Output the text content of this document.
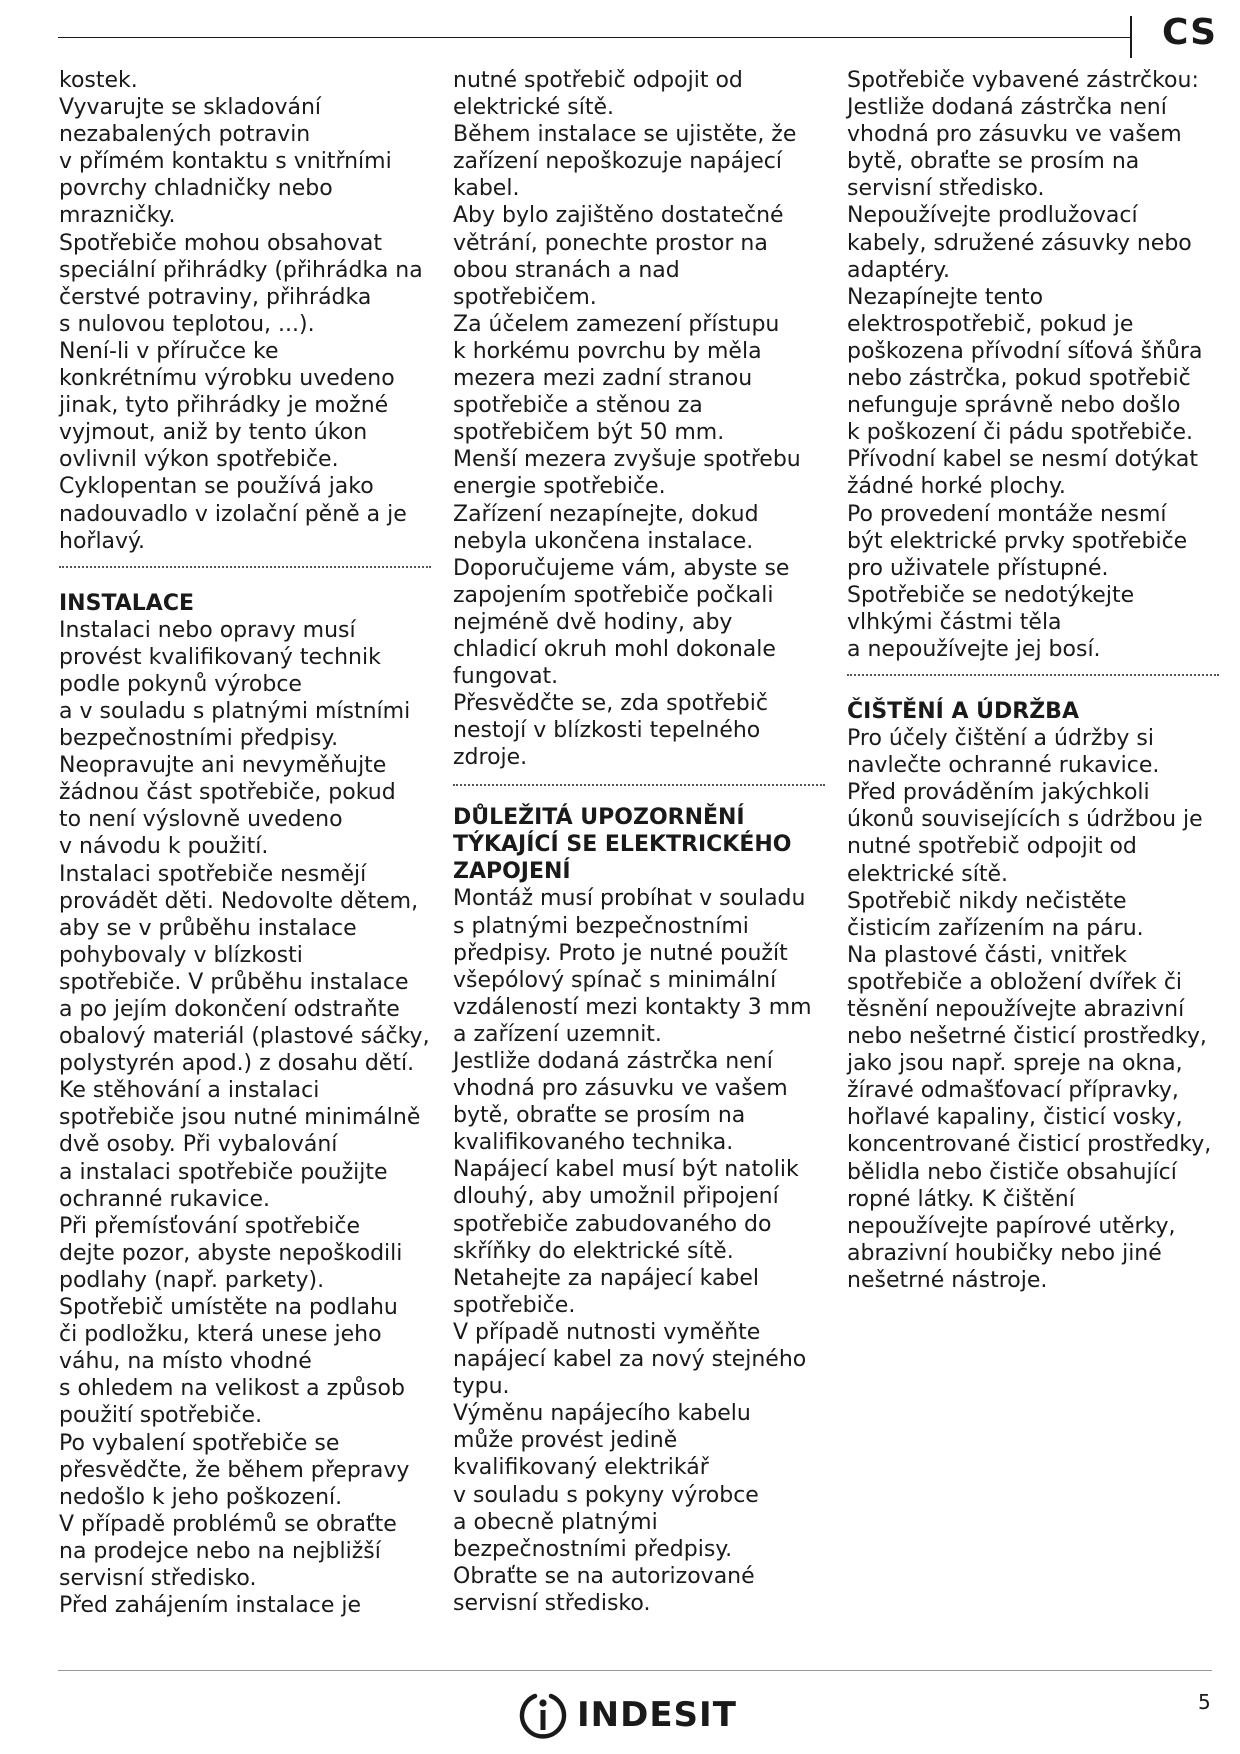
CS

kostek.
Vyvarujte se skladování
nezabalených potravin
v přímém kontaktu s vnitřními
povrchy chladničky nebo
mrazničky.
Spotřebiče mohou obsahovat
speciální přihrádky (přihrádka na
čerstvé potraviny, přihrádka
s nulovou teplotou, ...).
Není-li v příručce ke
konkrétnímu výrobku uvedeno
jinak, tyto přihrádky je možné
vyjmout, aniž by tento úkon
ovlivnil výkon spotřebiče.
Cyklopentan se používá jako
nadouvadlo v izolační pěně a je
hořlavý.

INSTALACE

Instalaci nebo opravy musí
provést kvalifikovaný technik
podle pokynů výrobce
a v souladu s platnými místními
bezpečnostními předpisy.
Neopravujte ani nevyměňujte
žádnou část spotřebiče, pokud
to není výslovně uvedeno
v návodu k použití.
Instalaci spotřebiče nesmějí
provádět děti. Nedovolte dětem,
aby se v průběhu instalace
pohybovaly v blízkosti
spotřebiče. V průběhu instalace
a po jejím dokončení odstraňte
obalový materiál (plastové sáčky,
polystyrén apod.) z dosahu dětí.
Ke stěhování a instalaci
spotřebiče jsou nutné minimálně
dvě osoby. Při vybalování
a instalaci spotřebiče použijte
ochranné rukavice.
Při přemísťování spotřebiče
dejte pozor, abyste nepoškodili
podlahy (např. parkety).
Spotřebič umístěte na podlahu
či podložku, která unese jeho
váhu, na místo vhodné
s ohledem na velikost a způsob
použití spotřebiče.
Po vybalení spotřebiče se
přesvědčte, že během přepravy
nedošlo k jeho poškození.
V případě problémů se obraťte
na prodejce nebo na nejbližší
servisní středisko.
Před zahájením instalace je

nutné spotřebič odpojit od
elektrické sítě.
Během instalace se ujistěte, že
zařízení nepoškozuje napájecí
kabel.
Aby bylo zajištěno dostatečné
větrání, ponechte prostor na
obou stranách a nad
spotřebičem.
Za účelem zamezení přístupu
k horkému povrchu by měla
mezera mezi zadní stranou
spotřebiče a stěnou za
spotřebičem být 50 mm.
Menší mezera zvyšuje spotřebu
energie spotřebiče.
Zařízení nezapínejte, dokud
nebyla ukončena instalace.
Doporučujeme vám, abyste se
zapojením spotřebiče počkali
nejméně dvě hodiny, aby
chladicí okruh mohl dokonale
fungovat.
Přesvědčte se, zda spotřebič
nestojí v blízkosti tepelného
zdroje.

DŮLEŽITÁ UPOZORNĚNÍ
TÝKAJÍCÍ SE ELEKTRICKÉHO
ZAPOJENÍ

Montáž musí probíhat v souladu
s platnými bezpečnostními
předpisy. Proto je nutné použít
všepólový spínač s minimální
vzdáleností mezi kontakty 3 mm
a zařízení uzemnit.
Jestliže dodaná zástrčka není
vhodná pro zásuvku ve vašem
bytě, obraťte se prosím na
kvalifikovaného technika.
Napájecí kabel musí být natolik
dlouhý, aby umožnil připojení
spotřebiče zabudovaného do
skříňky do elektrické sítě.
Netahejte za napájecí kabel
spotřebiče.
V případě nutnosti vyměňte
napájecí kabel za nový stejného
typu.
Výměnu napájecího kabelu
může provést jedině
kvalifikovaný elektrikář
v souladu s pokyny výrobce
a obecně platnými
bezpečnostními předpisy.
Obraťte se na autorizované
servisní středisko.

Spotřebiče vybavené zástrčkou:
Jestliže dodaná zástrčka není
vhodná pro zásuvku ve vašem
bytě, obraťte se prosím na
servisní středisko.
Nepoužívejte prodlužovací
kabely, sdružené zásuvky nebo
adaptéry.
Nezapínejte tento
elektrospotřebič, pokud je
poškozena přívodní síťová šňůra
nebo zástrčka, pokud spotřebič
nefunguje správně nebo došlo
k poškození či pádu spotřebiče.
Přívodní kabel se nesmí dotýkat
žádné horké plochy.
Po provedení montáže nesmí
být elektrické prvky spotřebiče
pro uživatele přístupné.
Spotřebiče se nedotýkejte
vlhkými částmi těla
a nepoužívejte jej bosí.

ČIŠTĚNÍ A ÚDRŽBA

Pro účely čištění a údržby si
navlečte ochranné rukavice.
Před prováděním jakýchkoli
úkonů souvisejících s údržbou je
nutné spotřebič odpojit od
elektrické sítě.
Spotřebič nikdy nečistěte
čisticím zařízením na páru.
Na plastové části, vnitřek
spotřebiče a obložení dvířek či
těsnění nepoužívejte abrazivní
nebo nešetrné čisticí prostředky,
jako jsou např. spreje na okna,
žíravé odmašťovací přípravky,
hořlavé kapaliny, čisticí vosky,
koncentrované čisticí prostředky,
bělidla nebo čističe obsahující
ropné látky. K čištění
nepoužívejte papírové utěrky,
abrazivní houbičky nebo jiné
nešetrné nástroje.

INDESIT	5
